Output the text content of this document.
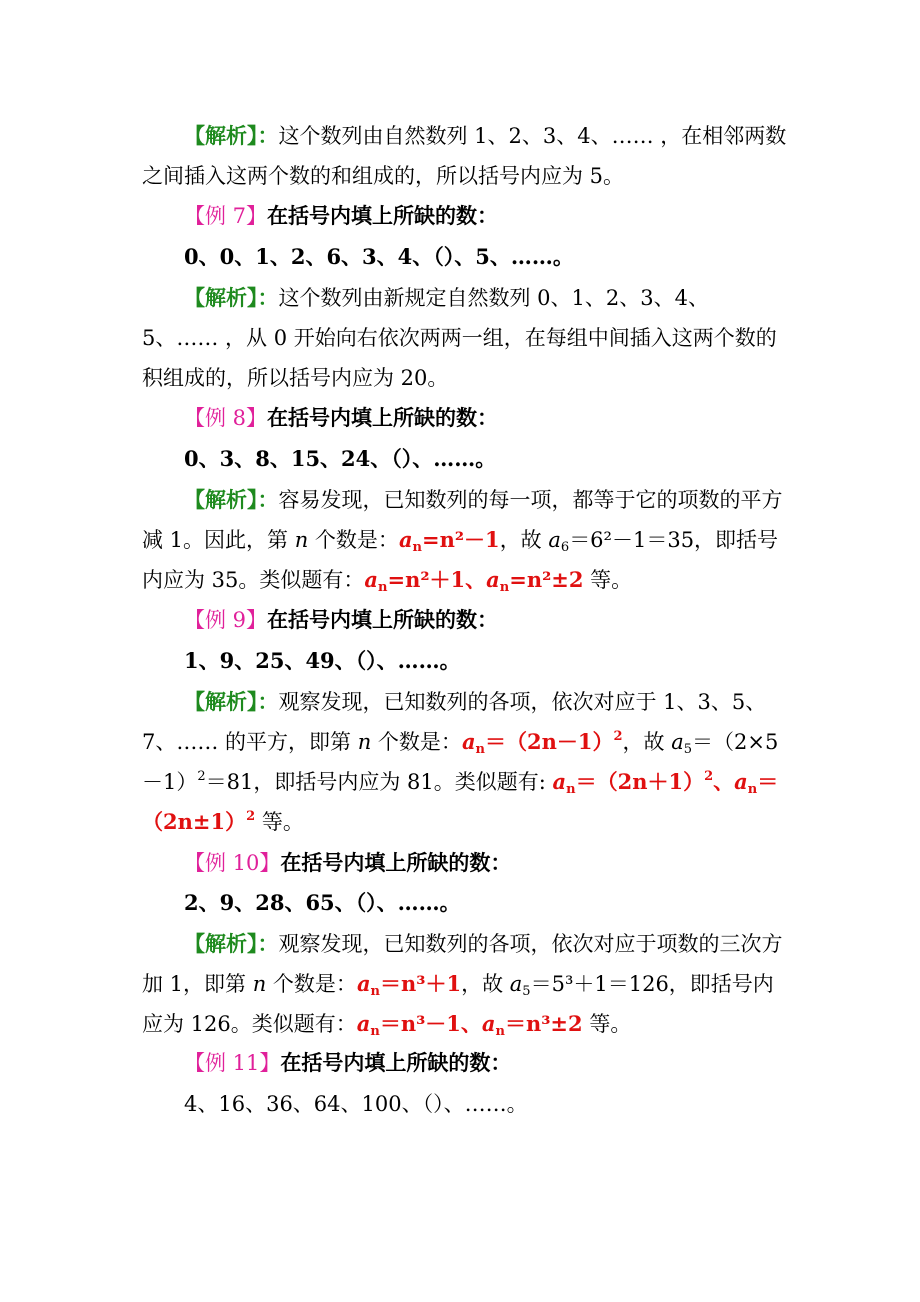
【解析】：这个数列由自然数列 1、2、3、4、…… ，在相邻两数之间插入这两个数的和组成的，所以括号内应为 5。

【例 7】在括号内填上所缺的数：

0、0、1、2、6、3、4、（）、5、……。

【解析】：这个数列由新规定自然数列 0、1、2、3、4、
5、…… ，从 0 开始向右依次两两一组，在每组中间插入这两个数的积组成的，所以括号内应为 20。

【例 8】在括号内填上所缺的数：

0、3、8、15、24、（）、……。

【解析】：容易发现，已知数列的每一项，都等于它的项数的平方减 1。因此，第 n 个数是：$a_n=n^2-1$，故 $a_6=6^2-1=35$，即括号内应为 35。类似题有：$a_n=n^2+1$、$a_n=n^2\pm 2$ 等。

【例 9】在括号内填上所缺的数：

1、9、25、49、（）、……。

【解析】：观察发现，已知数列的各项，依次对应于 1、3、5、7、…… 的平方，即第 n 个数是：$a_n=(2n-1)^2$，故 $a_5=(2\times 5-1)^2=81$，即括号内应为 81。类似题有: $a_n=(2n+1)^2$、$a_n=(2n\pm 1)^2$ 等。

【例 10】在括号内填上所缺的数：

2、9、28、65、（）、……。

【解析】：观察发现，已知数列的各项，依次对应于项数的三次方加 1，即第 n 个数是：$a_n=n^3+1$，故 $a_5=5^3+1=126$，即括号内应为 126。类似题有：$a_n=n^3-1$、$a_n=n^3\pm 2$ 等。

【例 11】在括号内填上所缺的数：

4、16、36、64、100、（）、……。
